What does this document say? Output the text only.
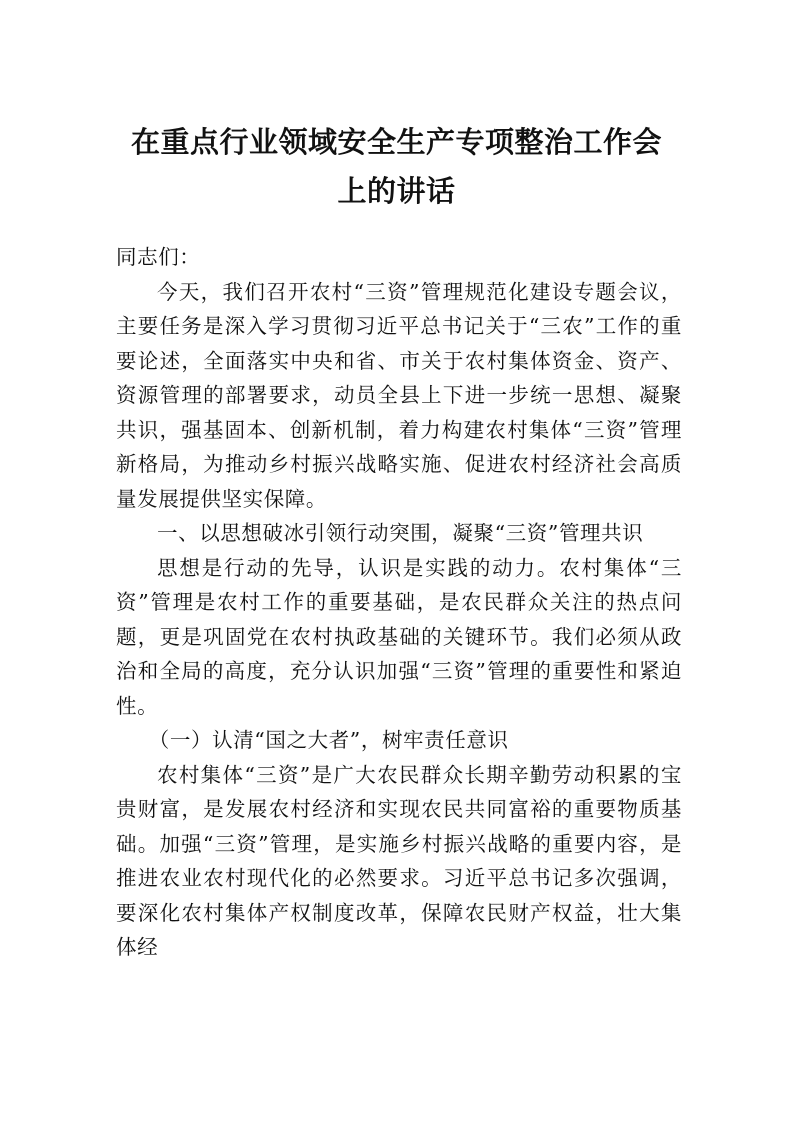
在重点行业领域安全生产专项整治工作会
上的讲话

同志们：

今天，我们召开农村“三资”管理规范化建设专题会议，主要任务是深入学习贯彻习近平总书记关于“三农”工作的重要论述，全面落实中央和省、市关于农村集体资金、资产、资源管理的部署要求，动员全县上下进一步统一思想、凝聚共识，强基固本、创新机制，着力构建农村集体“三资”管理新格局，为推动乡村振兴战略实施、促进农村经济社会高质量发展提供坚实保障。

一、以思想破冰引领行动突围，凝聚“三资”管理共识

思想是行动的先导，认识是实践的动力。农村集体“三资”管理是农村工作的重要基础，是农民群众关注的热点问题，更是巩固党在农村执政基础的关键环节。我们必须从政治和全局的高度，充分认识加强“三资”管理的重要性和紧迫性。

（一）认清“国之大者”，树牢责任意识

农村集体“三资”是广大农民群众长期辛勤劳动积累的宝贵财富，是发展农村经济和实现农民共同富裕的重要物质基础。加强“三资”管理，是实施乡村振兴战略的重要内容，是推进农业农村现代化的必然要求。习近平总书记多次强调，要深化农村集体产权制度改革，保障农民财产权益，壮大集体经
